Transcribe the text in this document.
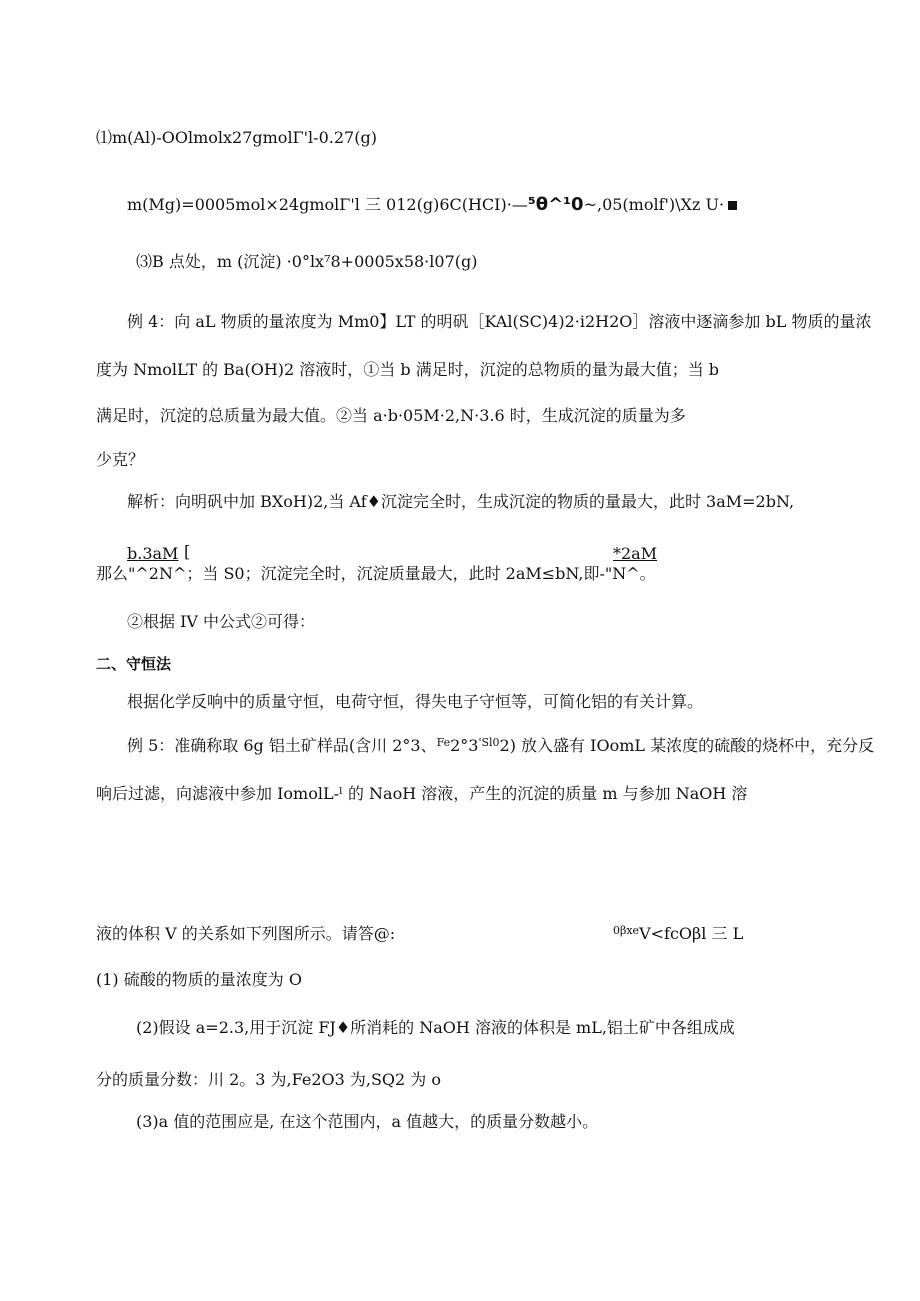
⑴m(Al)-OOlmolx27gmolΓ'l-0.27(g)
m(Mg)=0005mol×24gmolΓ'l 三 012(g)6C(HCI)·—⁵θ^¹0~,05(molf')\Xz U·
⑶B 点处，m (沉淀) ·0°lx⁷8+0005x58·l07(g)
例 4：向 aL 物质的量浓度为 Mm0】LT 的明矾［KAl(SC)4)2·i2H2O］溶液中逐滴参加 bL 物质的量浓
度为 NmolLT 的 Ba(OH)2 溶液时，①当 b 满足时，沉淀的总物质的量为最大值；当 b
满足时，沉淀的总质量为最大值。②当 a·b·05M·2,N·3.6 时，生成沉淀的质量为多
少克？
解析：向明矾中加 BXoH)2,当 Af♦沉淀完全时，生成沉淀的物质的量最大，此时 3aM=2bN,
b.3aM [	*2aM
那么"^2N^；当 S0；沉淀完全时，沉淀质量最大，此时 2aM≤bN,即-"N^。
②根据 IV 中公式②可得：
二、守恒法
根据化学反响中的质量守恒，电荷守恒，得失电子守恒等，可简化铝的有关计算。
例 5：准确称取 6g 铝土矿样品(含川 2°3、$^{Fe}2^\circ 3^{'Sl0}2$) 放入盛有 IOomL 某浓度的硫酸的烧杯中，充分反
响后过滤，向滤液中参加 IomolL-ˡ 的 NaoH 溶液，产生的沉淀的质量 m 与参加 NaOH 溶
液的体积 V 的关系如下列图所示。请答@:	$^{0\beta xe}$V<fcOβl 三 L
(1) 硫酸的物质的量浓度为 O
(2)假设 a=2.3,用于沉淀 FJ♦所消耗的 NaOH 溶液的体积是 mL,铝土矿中各组成成
分的质量分数：川 2。3 为,Fe2O3 为,SQ2 为 o
(3)a 值的范围应是, 在这个范围内，a 值越大，的质量分数越小。
